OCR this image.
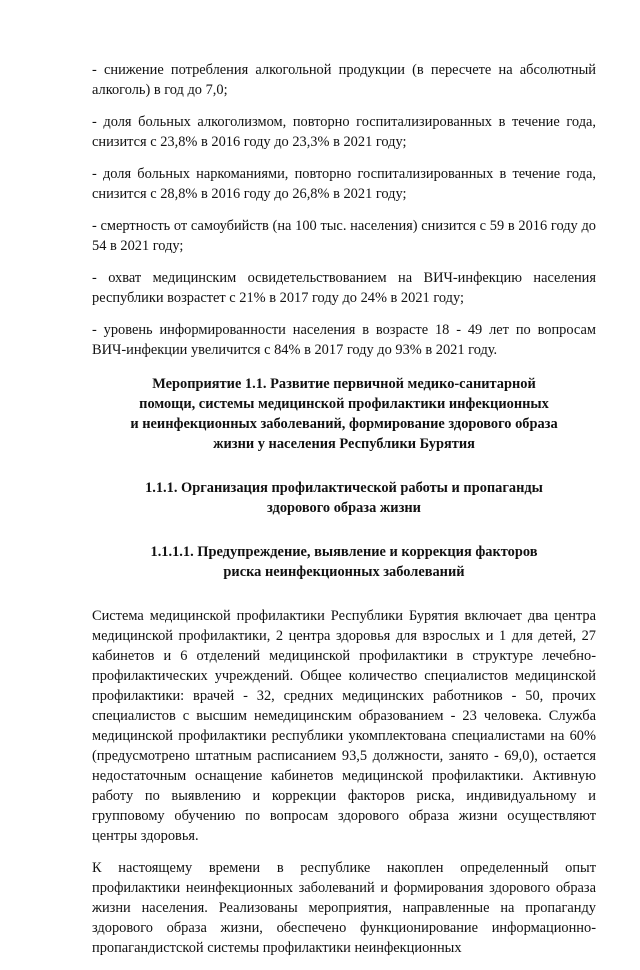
- снижение потребления алкогольной продукции (в пересчете на абсолютный алкоголь) в год до 7,0;

- доля больных алкоголизмом, повторно госпитализированных в течение года, снизится с 23,8% в 2016 году до 23,3% в 2021 году;

- доля больных наркоманиями, повторно госпитализированных в течение года, снизится с 28,8% в 2016 году до 26,8% в 2021 году;

- смертность от самоубийств (на 100 тыс. населения) снизится с 59 в 2016 году до 54 в 2021 году;

- охват медицинским освидетельствованием на ВИЧ-инфекцию населения республики возрастет с 21% в 2017 году до 24% в 2021 году;

- уровень информированности населения в возрасте 18 - 49 лет по вопросам ВИЧ-инфекции увеличится с 84% в 2017 году до 93% в 2021 году.

Мероприятие 1.1. Развитие первичной медико-санитарной
помощи, системы медицинской профилактики инфекционных
и неинфекционных заболеваний, формирование здорового образа
жизни у населения Республики Бурятия

1.1.1. Организация профилактической работы и пропаганды
здорового образа жизни

1.1.1.1. Предупреждение, выявление и коррекция факторов
риска неинфекционных заболеваний

Система медицинской профилактики Республики Бурятия включает два центра медицинской профилактики, 2 центра здоровья для взрослых и 1 для детей, 27 кабинетов и 6 отделений медицинской профилактики в структуре лечебно-профилактических учреждений. Общее количество специалистов медицинской профилактики: врачей - 32, средних медицинских работников - 50, прочих специалистов с высшим немедицинским образованием - 23 человека. Служба медицинской профилактики республики укомплектована специалистами на 60% (предусмотрено штатным расписанием 93,5 должности, занято - 69,0), остается недостаточным оснащение кабинетов медицинской профилактики. Активную работу по выявлению и коррекции факторов риска, индивидуальному и групповому обучению по вопросам здорового образа жизни осуществляют центры здоровья.

К настоящему времени в республике накоплен определенный опыт профилактики неинфекционных заболеваний и формирования здорового образа жизни населения. Реализованы мероприятия, направленные на пропаганду здорового образа жизни, обеспечено функционирование информационно-пропагандистской системы профилактики неинфекционных
